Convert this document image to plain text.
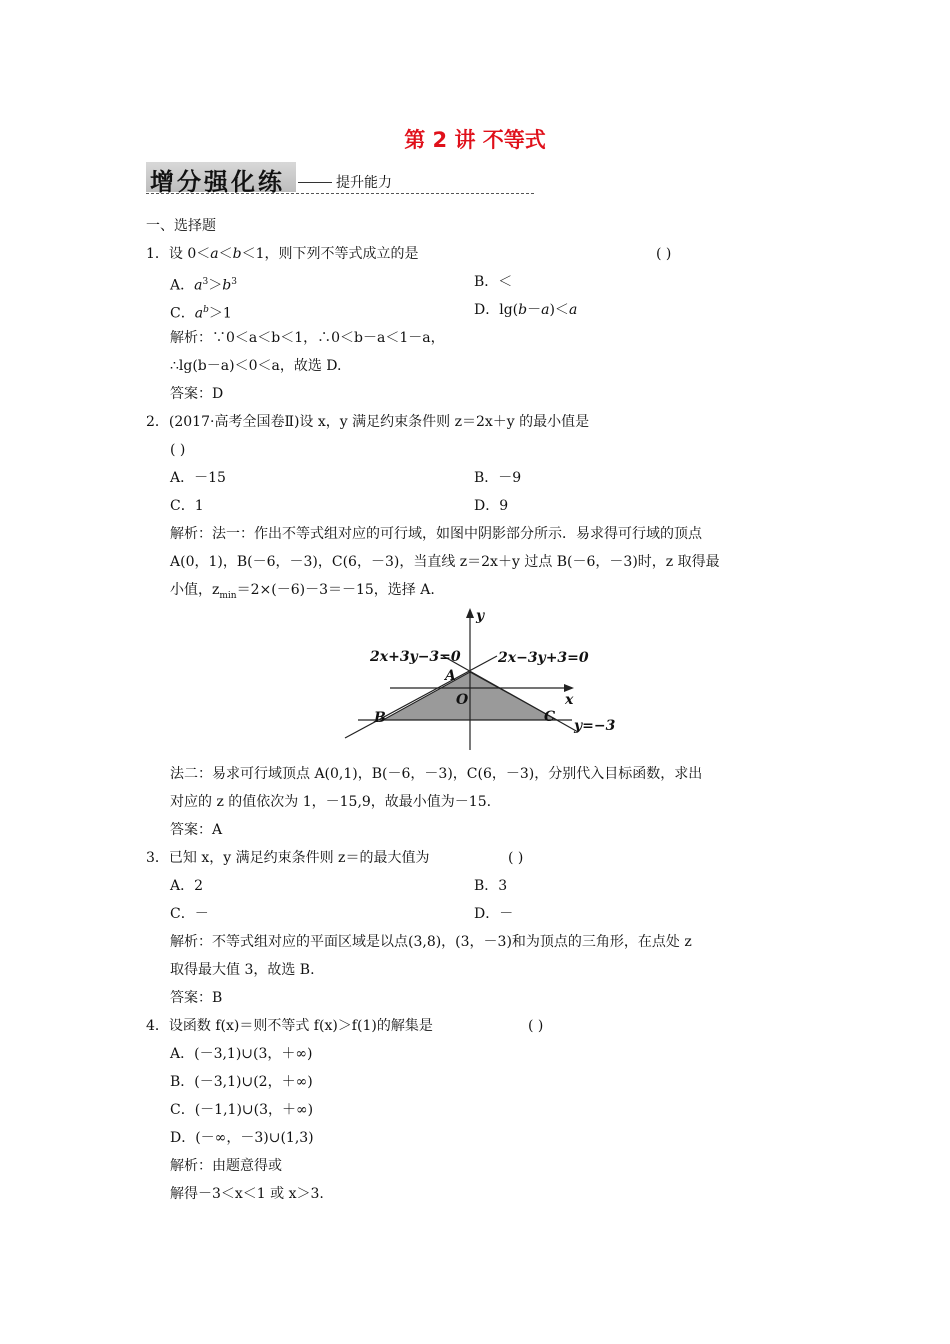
第 2 讲 不等式
增分强化练	提升能力
一、选择题
1．设 0＜a＜b＜1，则下列不等式成立的是	( )
A．$a^3>b^3$	B．＜
C．$a^b>1$	D．lg(b－a)＜a
解析：∵0＜a＜b＜1，∴0＜b－a＜1－a，
∴lg(b－a)＜0＜a，故选 D.
答案：D
2．(2017·高考全国卷Ⅱ)设 x，y 满足约束条件则 z＝2x＋y 的最小值是
( )
A．－15	B．－9
C．1	D．9
解析：法一：作出不等式组对应的可行域，如图中阴影部分所示．易求得可行域的顶点
A(0，1)，B(－6，－3)，C(6，－3)，当直线 z＝2x＋y 过点 B(－6，－3)时，z 取得最
小值，$z_{min}=2\times(-6)-3=-15$，选择 A.
y
x
2x+3y−3=0	2x−3y+3=0
A
O
B	C
y=−3
法二：易求可行域顶点 A(0,1)，B(－6，－3)，C(6，－3)，分别代入目标函数，求出
对应的 z 的值依次为 1，－15,9，故最小值为－15.
答案：A
3．已知 x，y 满足约束条件则 z＝的最大值为	( )
A．2	B．3
C．－	D．－
解析：不等式组对应的平面区域是以点(3,8)，(3，－3)和为顶点的三角形，在点处 z
取得最大值 3，故选 B.
答案：B
4．设函数 f(x)＝则不等式 f(x)＞f(1)的解集是	( )
A．(－3,1)∪(3，＋∞)
B．(－3,1)∪(2，＋∞)
C．(－1,1)∪(3，＋∞)
D．(－∞，－3)∪(1,3)
解析：由题意得或
解得－3＜x＜1 或 x＞3.
